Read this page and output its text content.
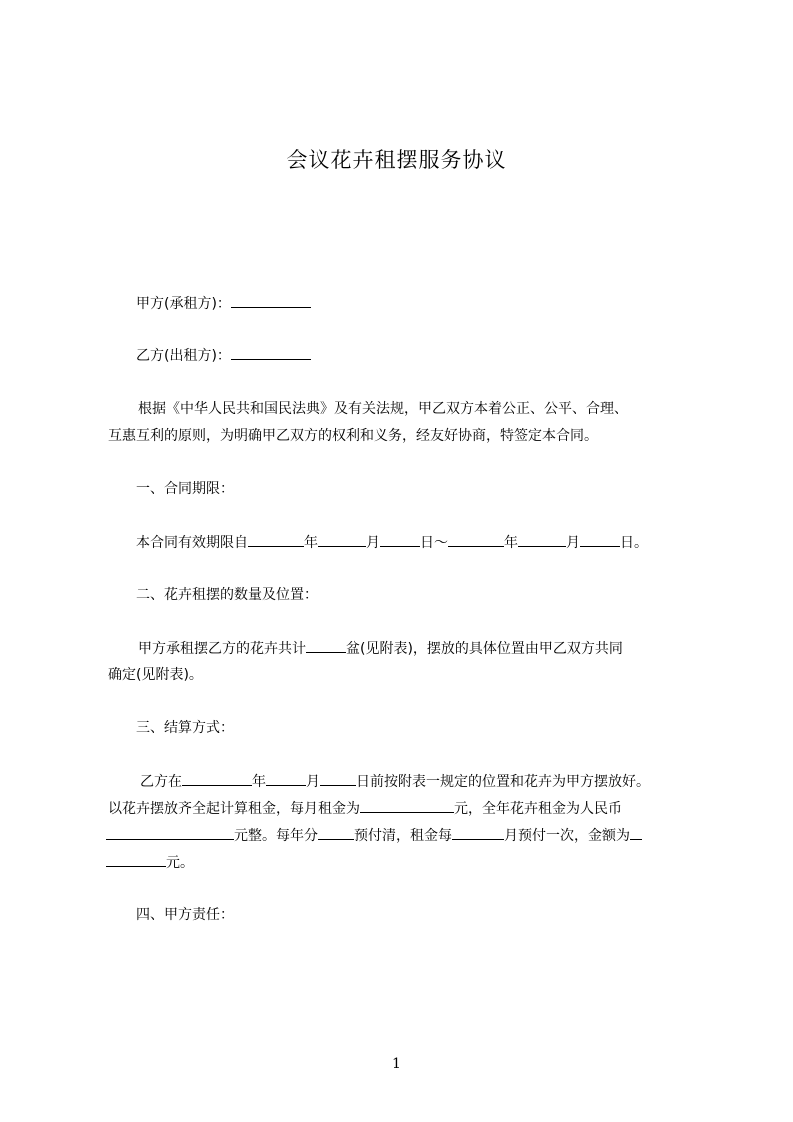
会议花卉租摆服务协议
甲方(承租方)：
乙方(出租方)：
根据《中华人民共和国民法典》及有关法规，甲乙双方本着公正、公平、合理、
互惠互利的原则，为明确甲乙双方的权利和义务，经友好协商，特签定本合同。
一、合同期限：
本合同有效期限自	年	月	日～	年	月	日。
二、花卉租摆的数量及位置：
甲方承租摆乙方的花卉共计	盆(见附表)，摆放的具体位置由甲乙双方共同
确定(见附表)。
三、结算方式：
乙方在	年	月	日前按附表一规定的位置和花卉为甲方摆放好。
以花卉摆放齐全起计算租金，每月租金为	元，全年花卉租金为人民币
元整。每年分	预付清，租金每	月预付一次，金额为
元。
四、甲方责任：
1
